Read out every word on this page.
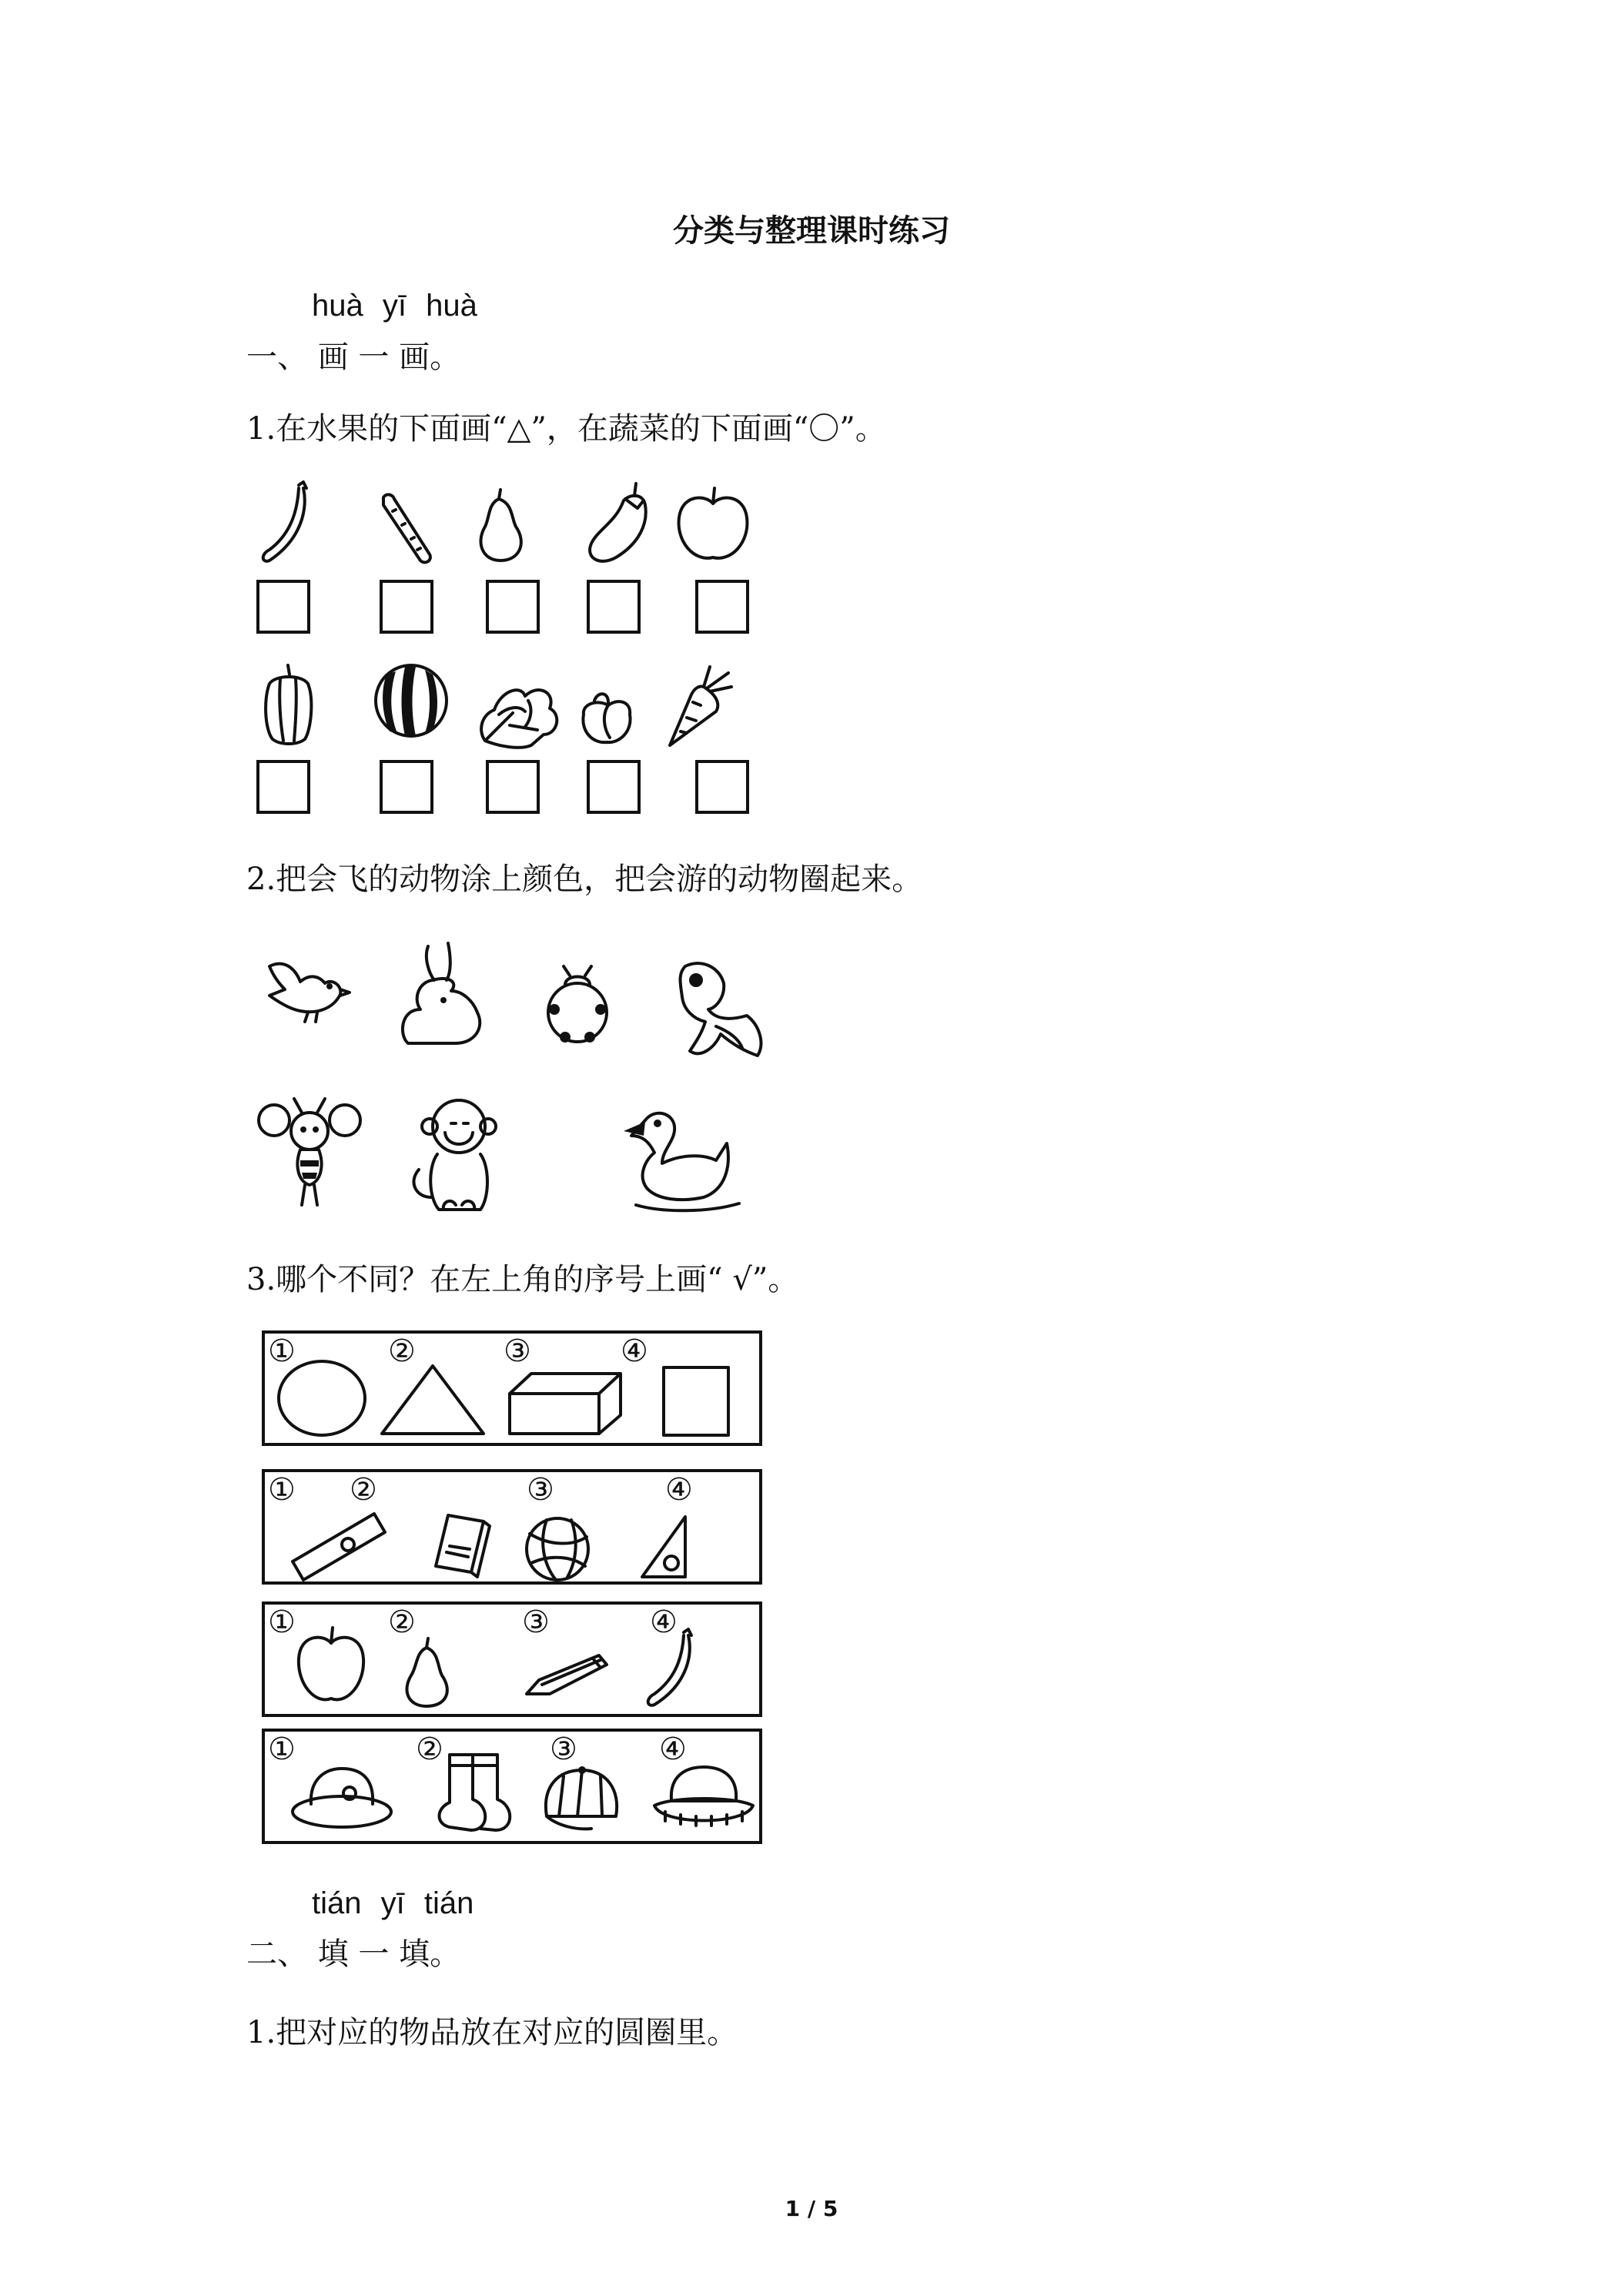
分类与整理课时练习
huà yī huà
一、 画 一 画。
1.在水果的下面画“△”，在蔬菜的下面画“〇”。
2.把会飞的动物涂上颜色，把会游的动物圈起来。
3.哪个不同？在左上角的序号上画“ √”。
①	②	③	④
① ②	③	④
①	②	③	④
①	②	③	④
tián yī tián
二、 填 一 填。
1.把对应的物品放在对应的圆圈里。
1 / 5
